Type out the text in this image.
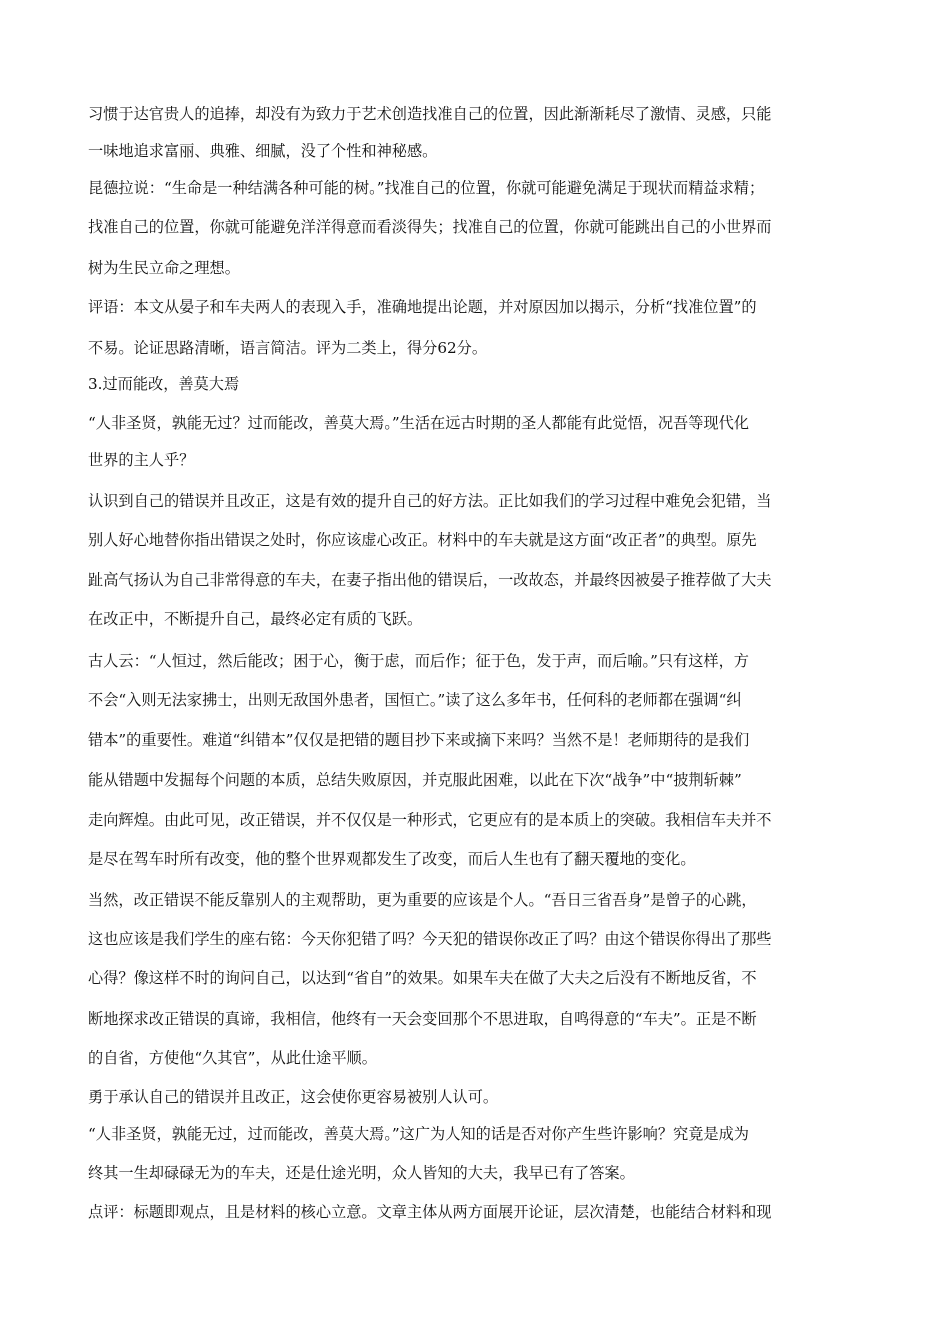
习惯于达官贵人的追捧，却没有为致力于艺术创造找准自己的位置，因此渐渐耗尽了激情、灵感，只能
一味地追求富丽、典雅、细腻，没了个性和神秘感。
昆德拉说：“生命是一种结满各种可能的树。”找准自己的位置，你就可能避免满足于现状而精益求精；
找准自己的位置，你就可能避免洋洋得意而看淡得失；找准自己的位置，你就可能跳出自己的小世界而
树为生民立命之理想。
评语：本文从晏子和车夫两人的表现入手，准确地提出论题，并对原因加以揭示，分析“找准位置”的
不易。论证思路清晰，语言简洁。评为二类上，得分62分。
3.过而能改，善莫大焉
“人非圣贤，孰能无过？过而能改，善莫大焉。”生活在远古时期的圣人都能有此觉悟，况吾等现代化
世界的主人乎？
认识到自己的错误并且改正，这是有效的提升自己的好方法。正比如我们的学习过程中难免会犯错，当
别人好心地替你指出错误之处时，你应该虚心改正。材料中的车夫就是这方面“改正者”的典型。原先
趾高气扬认为自己非常得意的车夫，在妻子指出他的错误后，一改故态，并最终因被晏子推荐做了大夫
在改正中，不断提升自己，最终必定有质的飞跃。
古人云：“人恒过，然后能改；困于心，衡于虑，而后作；征于色，发于声，而后喻。”只有这样，方
不会“入则无法家拂士，出则无敌国外患者，国恒亡。”读了这么多年书，任何科的老师都在强调“纠
错本”的重要性。难道“纠错本”仅仅是把错的题目抄下来或摘下来吗？当然不是！老师期待的是我们
能从错题中发掘每个问题的本质，总结失败原因，并克服此困难，以此在下次“战争”中“披荆斩棘”
走向辉煌。由此可见，改正错误，并不仅仅是一种形式，它更应有的是本质上的突破。我相信车夫并不
是尽在驾车时所有改变，他的整个世界观都发生了改变，而后人生也有了翻天覆地的变化。
当然，改正错误不能反靠别人的主观帮助，更为重要的应该是个人。“吾日三省吾身”是曾子的心跳，
这也应该是我们学生的座右铭：今天你犯错了吗？今天犯的错误你改正了吗？由这个错误你得出了那些
心得？像这样不时的询问自己，以达到“省自”的效果。如果车夫在做了大夫之后没有不断地反省，不
断地探求改正错误的真谛，我相信，他终有一天会变回那个不思进取，自鸣得意的“车夫”。正是不断
的自省，方使他“久其官”，从此仕途平顺。
勇于承认自己的错误并且改正，这会使你更容易被别人认可。
“人非圣贤，孰能无过，过而能改，善莫大焉。”这广为人知的话是否对你产生些许影响？究竟是成为
终其一生却碌碌无为的车夫，还是仕途光明，众人皆知的大夫，我早已有了答案。
点评：标题即观点，且是材料的核心立意。文章主体从两方面展开论证，层次清楚，也能结合材料和现
